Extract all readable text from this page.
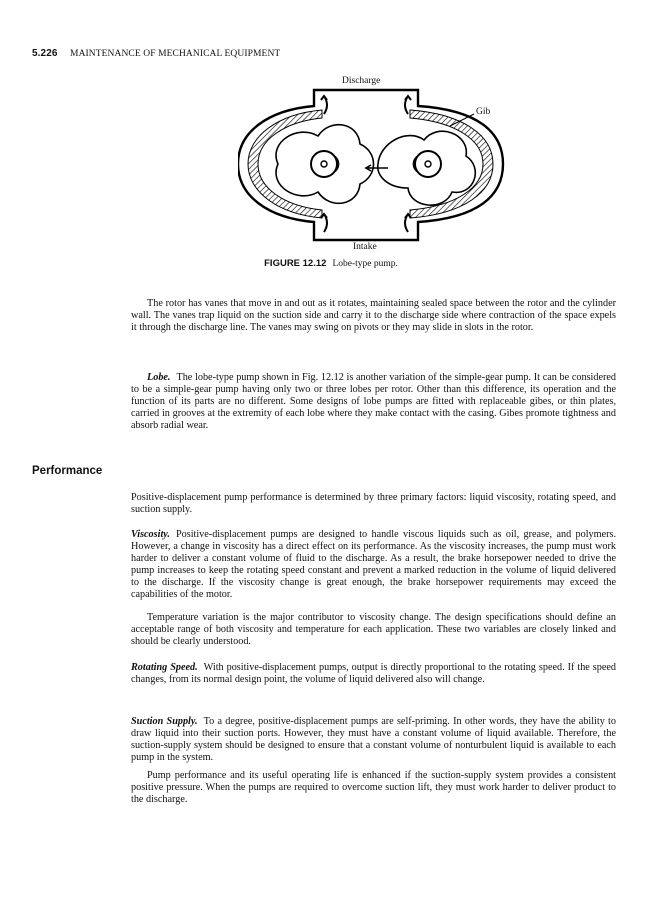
5.226 MAINTENANCE OF MECHANICAL EQUIPMENT
Discharge
Intake
Gib
FIGURE 12.12 Lobe-type pump.

The rotor has vanes that move in and out as it rotates, maintaining sealed space between the rotor and the cylinder wall. The vanes trap liquid on the suction side and carry it to the discharge side where contraction of the space expels it through the discharge line. The vanes may swing on pivots or they may slide in slots in the rotor.

Lobe. The lobe-type pump shown in Fig. 12.12 is another variation of the simple-gear pump. It can be considered to be a simple-gear pump having only two or three lobes per rotor. Other than this difference, its operation and the function of its parts are no different. Some designs of lobe pumps are fitted with replaceable gibes, or thin plates, carried in grooves at the extremity of each lobe where they make contact with the casing. Gibes promote tightness and absorb radial wear.

Performance

Positive-displacement pump performance is determined by three primary factors: liquid viscosity, rotating speed, and suction supply.

Viscosity. Positive-displacement pumps are designed to handle viscous liquids such as oil, grease, and polymers. However, a change in viscosity has a direct effect on its performance. As the viscosity increases, the pump must work harder to deliver a constant volume of fluid to the discharge. As a result, the brake horsepower needed to drive the pump increases to keep the rotating speed constant and prevent a marked reduction in the volume of liquid delivered to the discharge. If the viscosity change is great enough, the brake horsepower requirements may exceed the capabilities of the motor.

Temperature variation is the major contributor to viscosity change. The design specifications should define an acceptable range of both viscosity and temperature for each application. These two variables are closely linked and should be clearly understood.

Rotating Speed. With positive-displacement pumps, output is directly proportional to the rotating speed. If the speed changes, from its normal design point, the volume of liquid delivered also will change.

Suction Supply. To a degree, positive-displacement pumps are self-priming. In other words, they have the ability to draw liquid into their suction ports. However, they must have a constant volume of liquid available. Therefore, the suction-supply system should be designed to ensure that a constant volume of nonturbulent liquid is available to each pump in the system.

Pump performance and its useful operating life is enhanced if the suction-supply system provides a consistent positive pressure. When the pumps are required to overcome suction lift, they must work harder to deliver product to the discharge.
